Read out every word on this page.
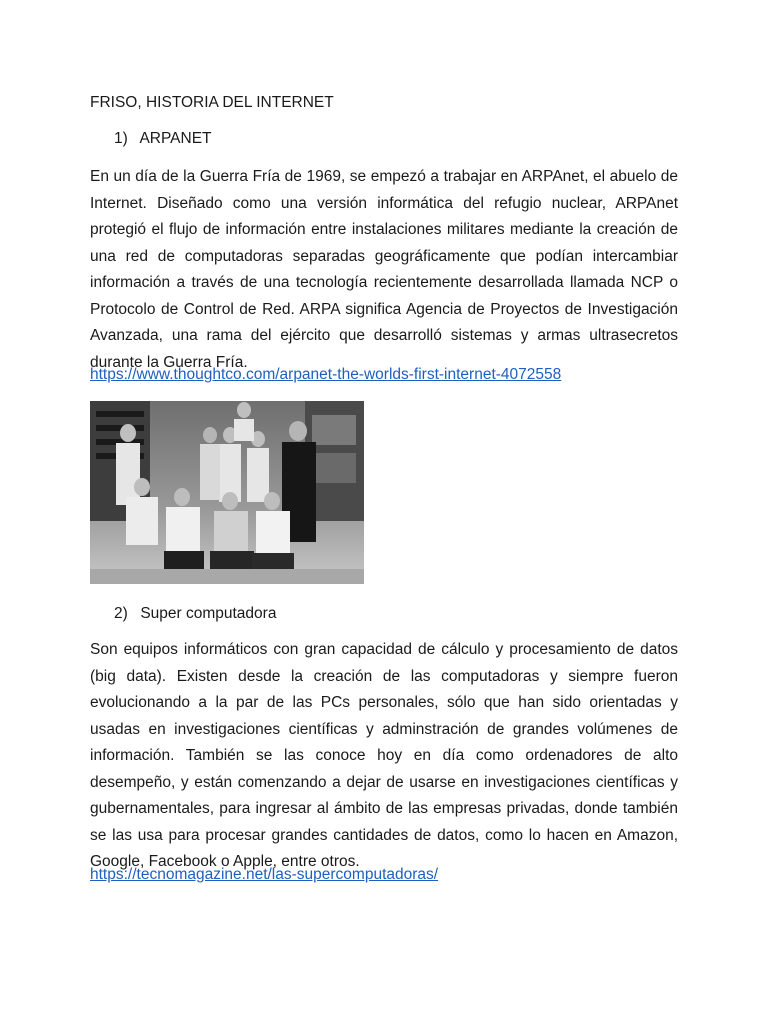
FRISO, HISTORIA DEL INTERNET
1) ARPANET

En un día de la Guerra Fría de 1969, se empezó a trabajar en ARPAnet, el abuelo de Internet. Diseñado como una versión informática del refugio nuclear, ARPAnet protegió el flujo de información entre instalaciones militares mediante la creación de una red de computadoras separadas geográficamente que podían intercambiar información a través de una tecnología recientemente desarrollada llamada NCP o Protocolo de Control de Red. ARPA significa Agencia de Proyectos de Investigación Avanzada, una rama del ejército que desarrolló sistemas y armas ultrasecretos durante la Guerra Fría.

https://www.thoughtco.com/arpanet-the-worlds-first-internet-4072558
2) Super computadora

Son equipos informáticos con gran capacidad de cálculo y procesamiento de datos (big data). Existen desde la creación de las computadoras y siempre fueron evolucionando a la par de las PCs personales, sólo que han sido orientadas y usadas en investigaciones científicas y adminstración de grandes volúmenes de información. También se las conoce hoy en día como ordenadores de alto desempeño, y están comenzando a dejar de usarse en investigaciones científicas y gubernamentales, para ingresar al ámbito de las empresas privadas, donde también se las usa para procesar grandes cantidades de datos, como lo hacen en Amazon, Google, Facebook o Apple, entre otros.

https://tecnomagazine.net/las-supercomputadoras/
